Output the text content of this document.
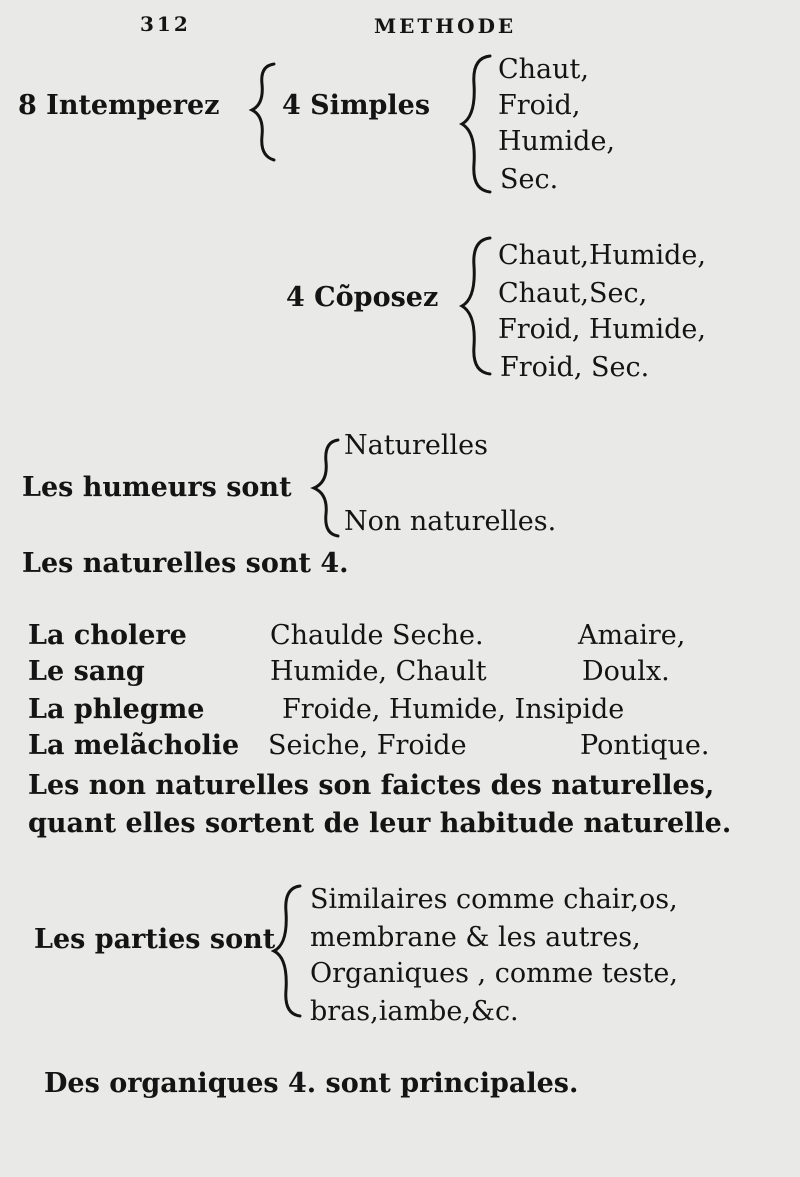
312	METHODE
8 Intemperez 4 Simples
Chaut,
Froid,
Humide,
Sec.
4 Cõposez
Chaut,Humide,
Chaut,Sec,
Froid, Humide,
Froid, Sec.
Les humeurs sont
Naturelles
Non naturelles.
Les naturelles sont 4.
La cholere	Chaulde Seche.	Amaire,
Le sang	Humide, Chault	Doulx.
La phlegme	Froide, Humide, Insipide
La melãcholie Seiche, Froide	Pontique.
Les non naturelles son faictes des naturelles,
quant elles sortent de leur habitude naturelle.
Les parties sont
Similaires comme chair,os,
membrane & les autres,
Organiques , comme teste,
bras,iambe,&c.
Des organiques 4. sont principales.
